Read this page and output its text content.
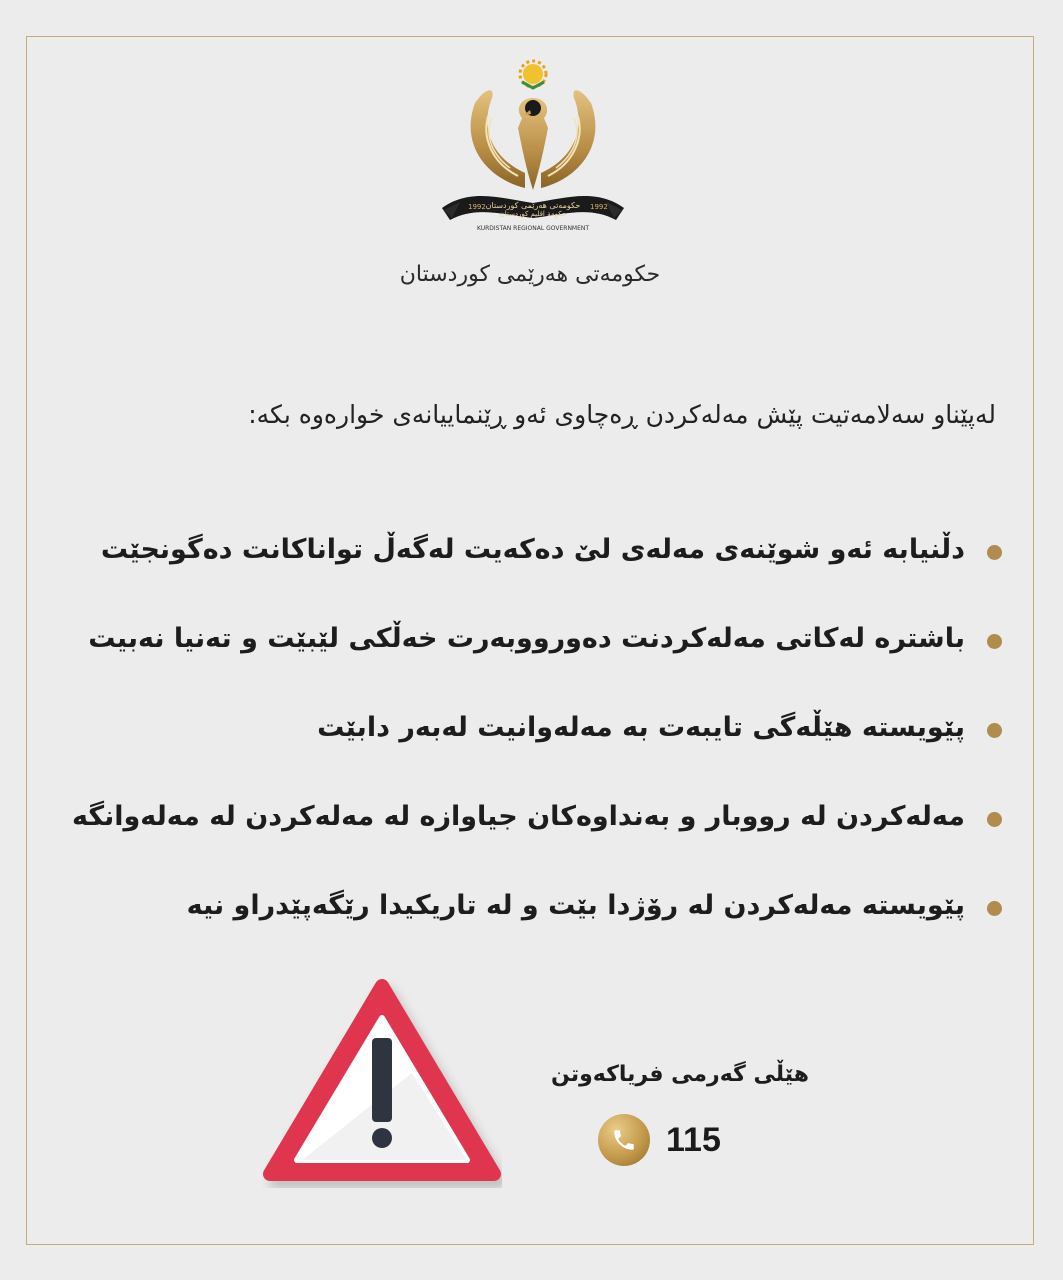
1992	1992
حكومەتی هەرێمی كوردستان
حكومة اقليم كوردستان
KURDISTAN REGIONAL GOVERNMENT
حکومەتی هەرێمی کوردستان
لەپێناو سەلامەتیت پێش مەلەکردن ڕەچاوی ئەو ڕێنماییانەی خوارەوە بکە:
دڵنیابە ئەو شوێنەی مەلەی لێ دەکەیت لەگەڵ تواناکانت دەگونجێت
باشترە لەکاتی مەلەکردنت دەورووبەرت خەڵکی لێبێت و تەنیا نەبیت
پێویستە هێڵەگی تایبەت بە مەلەوانیت لەبەر دابێت
مەلەکردن لە رووبار و بەنداوەکان جیاوازە لە مەلەکردن لە مەلەوانگە
پێویستە مەلەکردن لە رۆژدا بێت و لە تاریکیدا رێگەپێدراو نیە
هێڵی گەرمی فریاکەوتن
115
